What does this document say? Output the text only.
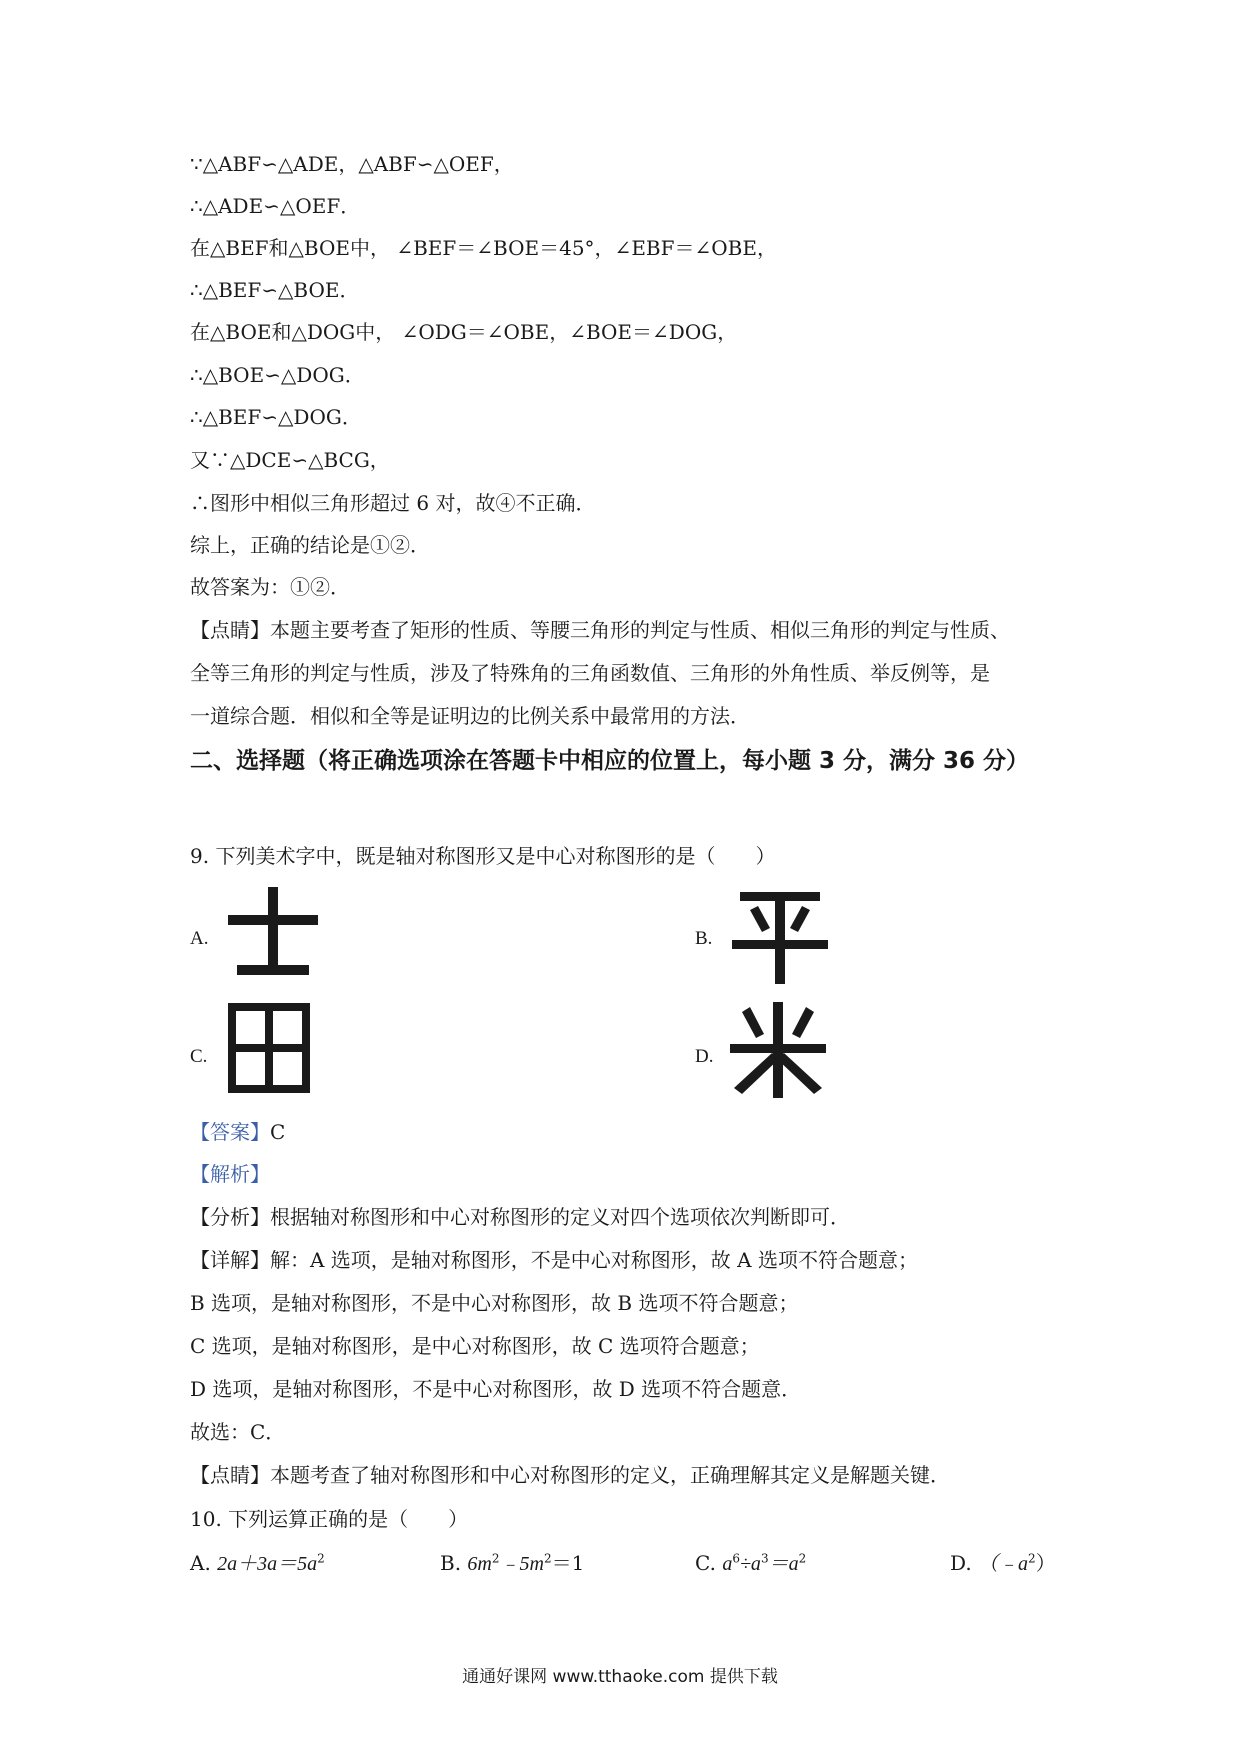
∵△ABF∽△ADE，△ABF∽△OEF，
∴△ADE∽△OEF．
在△BEF和△BOE中， ∠BEF＝∠BOE＝45°，∠EBF＝∠OBE，
∴△BEF∽△BOE．
在△BOE和△DOG中， ∠ODG＝∠OBE，∠BOE＝∠DOG，
∴△BOE∽△DOG．
∴△BEF∽△DOG．
又∵△DCE∽△BCG，
∴图形中相似三角形超过 6 对，故④不正确．
综上，正确的结论是①②．
故答案为：①②．
【点睛】本题主要考查了矩形的性质、等腰三角形的判定与性质、相似三角形的判定与性质、
全等三角形的判定与性质，涉及了特殊角的三角函数值、三角形的外角性质、举反例等，是
一道综合题．相似和全等是证明边的比例关系中最常用的方法．
二、选择题（将正确选项涂在答题卡中相应的位置上，每小题 3 分，满分 36 分）
9. 下列美术字中，既是轴对称图形又是中心对称图形的是（　　）
A.	B.
C.	D.
【答案】C
【解析】
【分析】根据轴对称图形和中心对称图形的定义对四个选项依次判断即可．
【详解】解：A 选项，是轴对称图形，不是中心对称图形，故 A 选项不符合题意；
B 选项，是轴对称图形，不是中心对称图形，故 B 选项不符合题意；
C 选项，是轴对称图形，是中心对称图形，故 C 选项符合题意；
D 选项，是轴对称图形，不是中心对称图形，故 D 选项不符合题意．
故选：C．
【点睛】本题考查了轴对称图形和中心对称图形的定义，正确理解其定义是解题关键．
10. 下列运算正确的是（　　）
A. $2a+3a=5a^2$	B. $6m^2﹣5m^2=1$	C. $a^6\div a^3=a^2$	D. $(﹣a^2)$
通通好课网 www.tthaoke.com 提供下载
